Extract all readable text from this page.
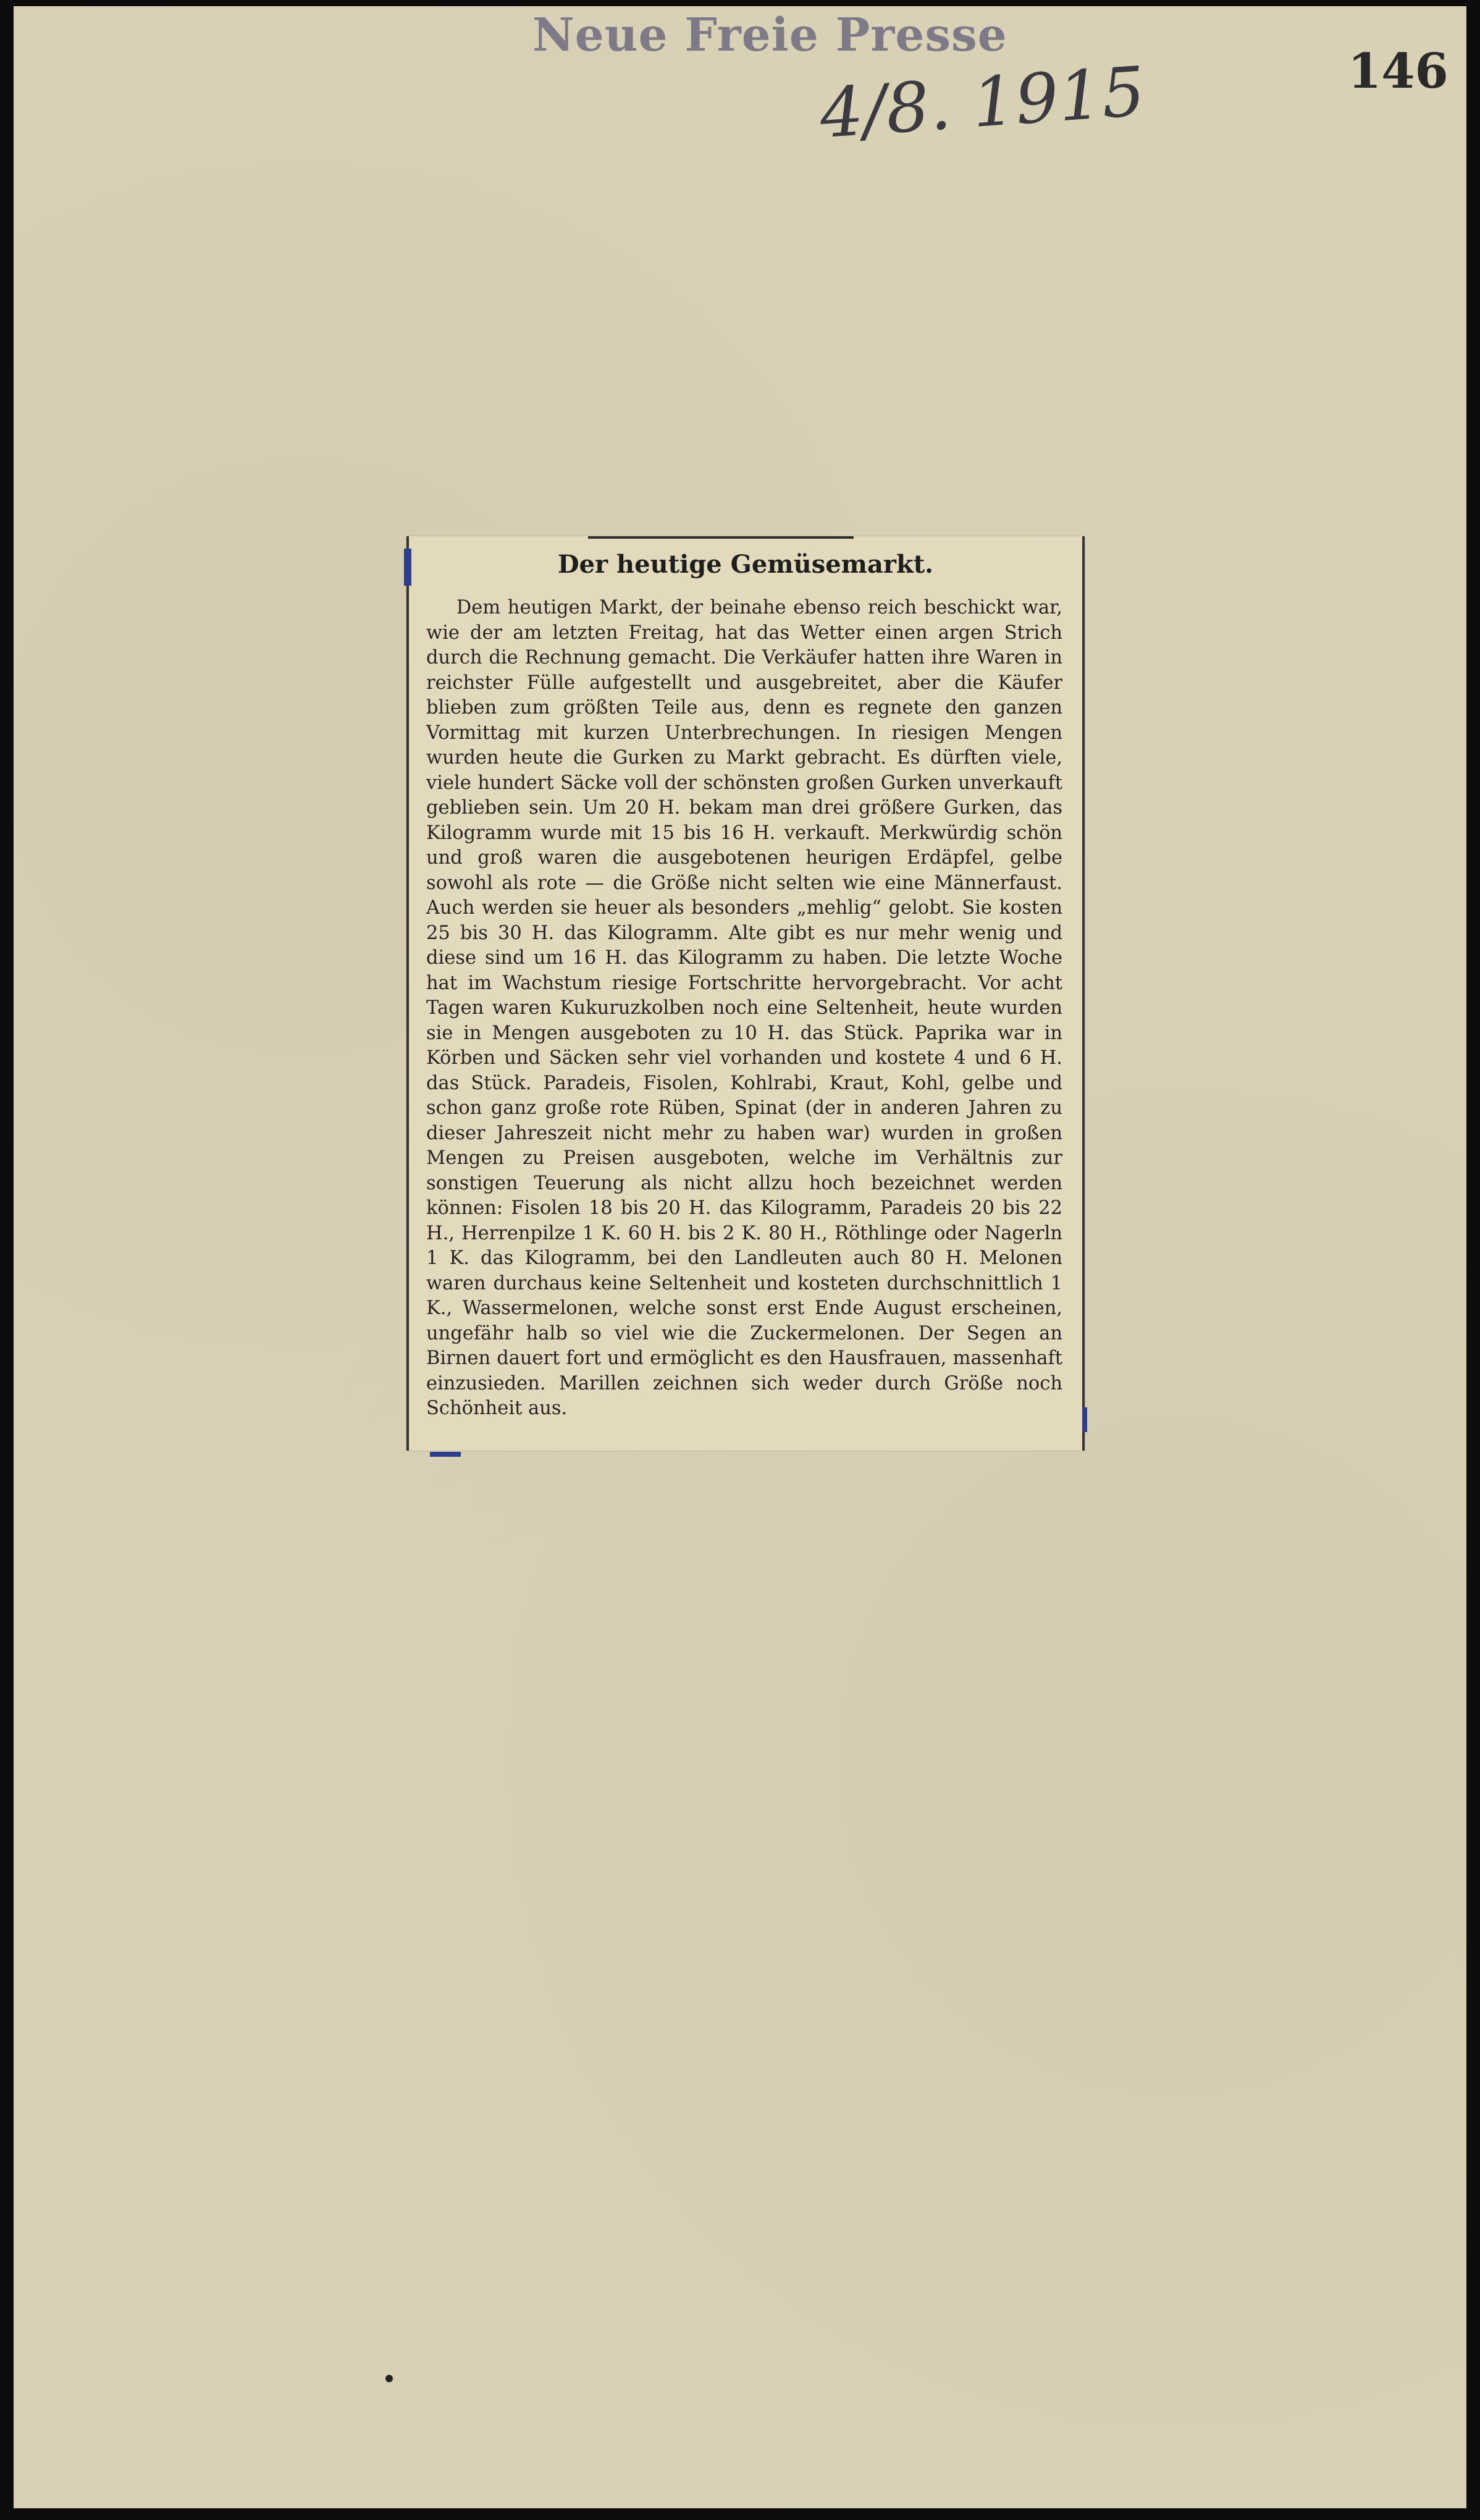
Neue Freie Presse
4/8. 1915	146
Der heutige Gemüsemarkt.

Dem heutigen Markt, der beinahe ebenso reich beschickt war, wie der am letzten Freitag, hat das Wetter einen argen Strich durch die Rechnung gemacht. Die Verkäufer hatten ihre Waren in reichster Fülle aufgestellt und ausgebreitet, aber die Käufer blieben zum größten Teile aus, denn es regnete den ganzen Vormittag mit kurzen Unterbrechungen. In riesigen Mengen wurden heute die Gurken zu Markt gebracht. Es dürften viele, viele hundert Säcke voll der schönsten großen Gurken unverkauft geblieben sein. Um 20 H. bekam man drei größere Gurken, das Kilogramm wurde mit 15 bis 16 H. verkauft. Merkwürdig schön und groß waren die ausgebotenen heurigen Erdäpfel, gelbe sowohl als rote — die Größe nicht selten wie eine Männerfaust. Auch werden sie heuer als besonders „mehlig“ gelobt. Sie kosten 25 bis 30 H. das Kilogramm. Alte gibt es nur mehr wenig und diese sind um 16 H. das Kilogramm zu haben. Die letzte Woche hat im Wachstum riesige Fortschritte hervorgebracht. Vor acht Tagen waren Kukuruzkolben noch eine Seltenheit, heute wurden sie in Mengen ausgeboten zu 10 H. das Stück. Paprika war in Körben und Säcken sehr viel vorhanden und kostete 4 und 6 H. das Stück. Paradeis, Fisolen, Kohlrabi, Kraut, Kohl, gelbe und schon ganz große rote Rüben, Spinat (der in anderen Jahren zu dieser Jahreszeit nicht mehr zu haben war) wurden in großen Mengen zu Preisen ausgeboten, welche im Verhältnis zur sonstigen Teuerung als nicht allzu hoch bezeichnet werden können: Fisolen 18 bis 20 H. das Kilogramm, Paradeis 20 bis 22 H., Herrenpilze 1 K. 60 H. bis 2 K. 80 H., Röthlinge oder Nagerln 1 K. das Kilogramm, bei den Landleuten auch 80 H. Melonen waren durchaus keine Seltenheit und kosteten durchschnittlich 1 K., Wassermelonen, welche sonst erst Ende August erscheinen, ungefähr halb so viel wie die Zuckermelonen. Der Segen an Birnen dauert fort und ermöglicht es den Hausfrauen, massenhaft einzusieden. Marillen zeichnen sich weder durch Größe noch Schönheit aus.
